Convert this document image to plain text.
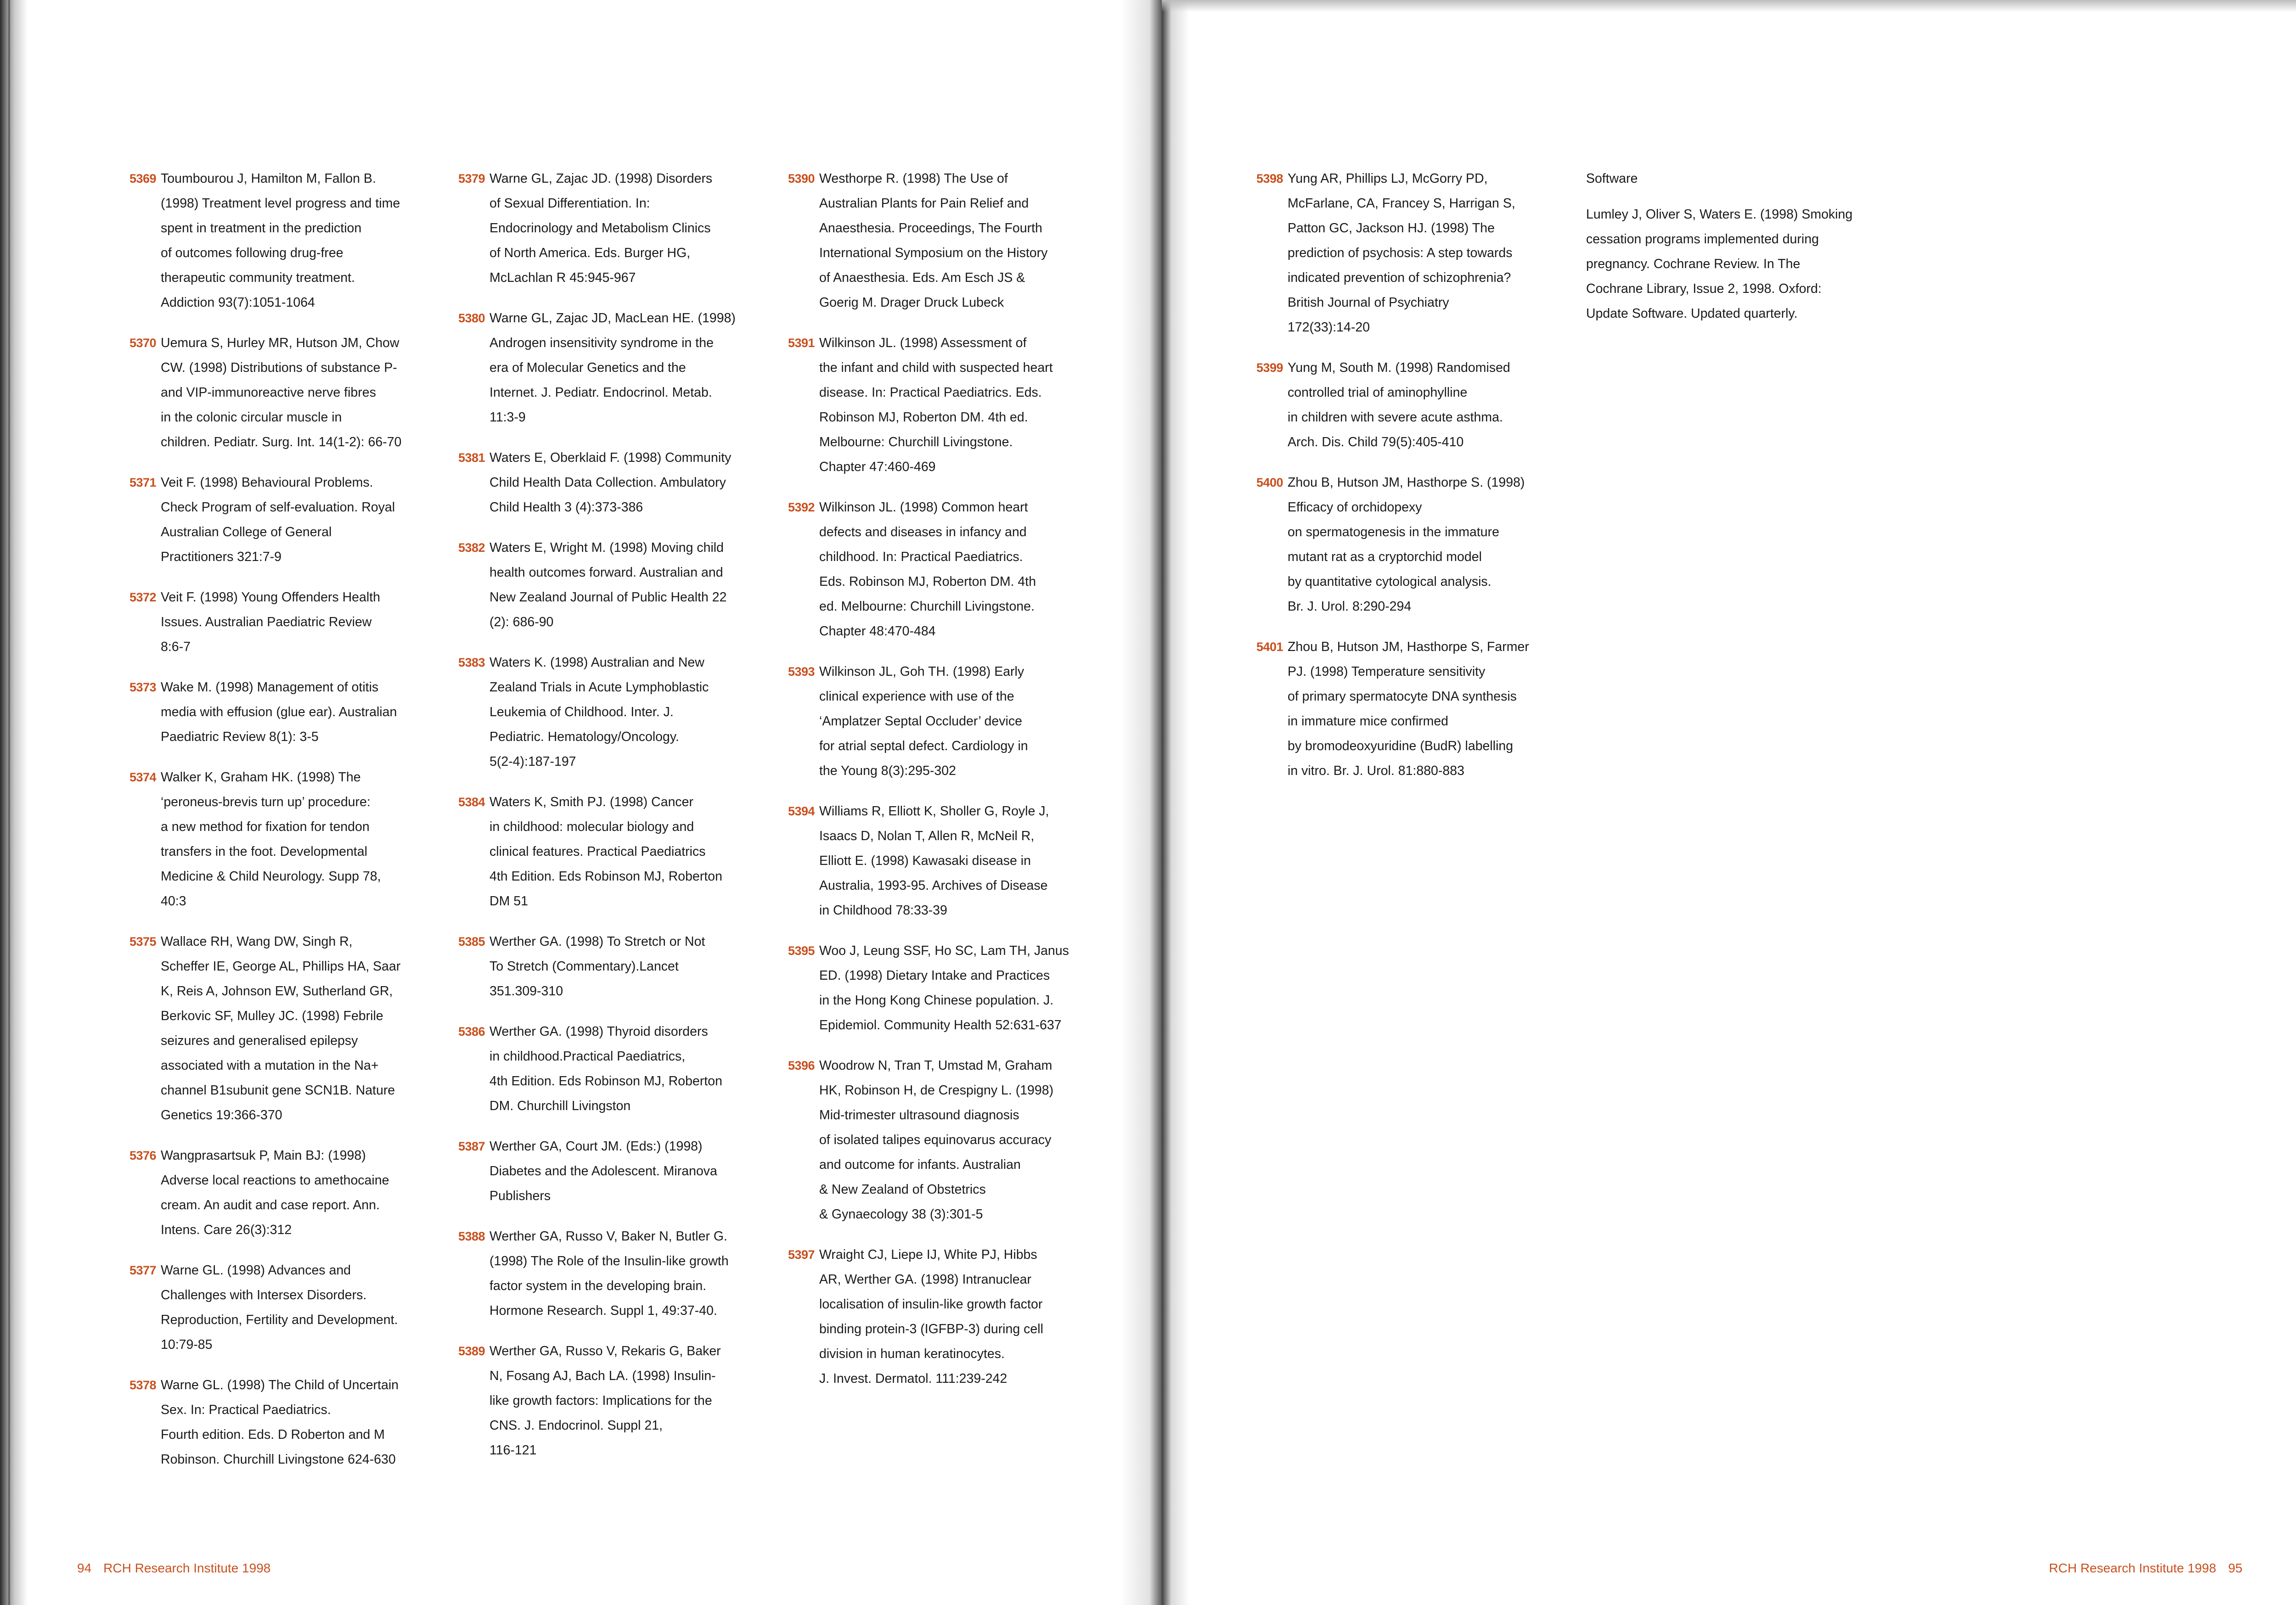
5369 Toumbourou J, Hamilton M, Fallon B.
(1998) Treatment level progress and time
spent in treatment in the prediction
of outcomes following drug-free
therapeutic community treatment.
Addiction 93(7):1051-1064
5370 Uemura S, Hurley MR, Hutson JM, Chow
CW. (1998) Distributions of substance P-
and VIP-immunoreactive nerve fibres
in the colonic circular muscle in
children. Pediatr. Surg. Int. 14(1-2): 66-70
5371 Veit F. (1998) Behavioural Problems.
Check Program of self-evaluation. Royal
Australian College of General
Practitioners 321:7-9
5372 Veit F. (1998) Young Offenders Health
Issues. Australian Paediatric Review
8:6-7
5373 Wake M. (1998) Management of otitis
media with effusion (glue ear). Australian
Paediatric Review 8(1): 3-5
5374 Walker K, Graham HK. (1998) The
‘peroneus-brevis turn up’ procedure:
a new method for fixation for tendon
transfers in the foot. Developmental
Medicine & Child Neurology. Supp 78,
40:3
5375 Wallace RH, Wang DW, Singh R,
Scheffer IE, George AL, Phillips HA, Saar
K, Reis A, Johnson EW, Sutherland GR,
Berkovic SF, Mulley JC. (1998) Febrile
seizures and generalised epilepsy
associated with a mutation in the Na+
channel B1subunit gene SCN1B. Nature
Genetics 19:366-370
5376 Wangprasartsuk P, Main BJ: (1998)
Adverse local reactions to amethocaine
cream. An audit and case report. Ann.
Intens. Care 26(3):312
5377 Warne GL. (1998) Advances and
Challenges with Intersex Disorders.
Reproduction, Fertility and Development.
10:79-85
5378 Warne GL. (1998) The Child of Uncertain
Sex. In: Practical Paediatrics.
Fourth edition. Eds. D Roberton and M
Robinson. Churchill Livingstone 624-630
5379 Warne GL, Zajac JD. (1998) Disorders
of Sexual Differentiation. In:
Endocrinology and Metabolism Clinics
of North America. Eds. Burger HG,
McLachlan R 45:945-967
5380 Warne GL, Zajac JD, MacLean HE. (1998)
Androgen insensitivity syndrome in the
era of Molecular Genetics and the
Internet. J. Pediatr. Endocrinol. Metab.
11:3-9
5381 Waters E, Oberklaid F. (1998) Community
Child Health Data Collection. Ambulatory
Child Health 3 (4):373-386
5382 Waters E, Wright M. (1998) Moving child
health outcomes forward. Australian and
New Zealand Journal of Public Health 22
(2): 686-90
5383 Waters K. (1998) Australian and New
Zealand Trials in Acute Lymphoblastic
Leukemia of Childhood. Inter. J.
Pediatric. Hematology/Oncology.
5(2-4):187-197
5384 Waters K, Smith PJ. (1998) Cancer
in childhood: molecular biology and
clinical features. Practical Paediatrics
4th Edition. Eds Robinson MJ, Roberton
DM 51
5385 Werther GA. (1998) To Stretch or Not
To Stretch (Commentary).Lancet
351.309-310
5386 Werther GA. (1998) Thyroid disorders
in childhood.Practical Paediatrics,
4th Edition. Eds Robinson MJ, Roberton
DM. Churchill Livingston
5387 Werther GA, Court JM. (Eds:) (1998)
Diabetes and the Adolescent. Miranova
Publishers
5388 Werther GA, Russo V, Baker N, Butler G.
(1998) The Role of the Insulin-like growth
factor system in the developing brain.
Hormone Research. Suppl 1, 49:37-40.
5389 Werther GA, Russo V, Rekaris G, Baker
N, Fosang AJ, Bach LA. (1998) Insulin-
like growth factors: Implications for the
CNS. J. Endocrinol. Suppl 21,
116-121
5390 Westhorpe R. (1998) The Use of
Australian Plants for Pain Relief and
Anaesthesia. Proceedings, The Fourth
International Symposium on the History
of Anaesthesia. Eds. Am Esch JS &
Goerig M. Drager Druck Lubeck
5391 Wilkinson JL. (1998) Assessment of
the infant and child with suspected heart
disease. In: Practical Paediatrics. Eds.
Robinson MJ, Roberton DM. 4th ed.
Melbourne: Churchill Livingstone.
Chapter 47:460-469
5392 Wilkinson JL. (1998) Common heart
defects and diseases in infancy and
childhood. In: Practical Paediatrics.
Eds. Robinson MJ, Roberton DM. 4th
ed. Melbourne: Churchill Livingstone.
Chapter 48:470-484
5393 Wilkinson JL, Goh TH. (1998) Early
clinical experience with use of the
‘Amplatzer Septal Occluder’ device
for atrial septal defect. Cardiology in
the Young 8(3):295-302
5394 Williams R, Elliott K, Sholler G, Royle J,
Isaacs D, Nolan T, Allen R, McNeil R,
Elliott E. (1998) Kawasaki disease in
Australia, 1993-95. Archives of Disease
in Childhood 78:33-39
5395 Woo J, Leung SSF, Ho SC, Lam TH, Janus
ED. (1998) Dietary Intake and Practices
in the Hong Kong Chinese population. J.
Epidemiol. Community Health 52:631-637
5396 Woodrow N, Tran T, Umstad M, Graham
HK, Robinson H, de Crespigny L. (1998)
Mid-trimester ultrasound diagnosis
of isolated talipes equinovarus accuracy
and outcome for infants. Australian
& New Zealand of Obstetrics
& Gynaecology 38 (3):301-5
5397 Wraight CJ, Liepe IJ, White PJ, Hibbs
AR, Werther GA. (1998) Intranuclear
localisation of insulin-like growth factor
binding protein-3 (IGFBP-3) during cell
division in human keratinocytes.
J. Invest. Dermatol. 111:239-242
94 RCH Research Institute 1998
5398 Yung AR, Phillips LJ, McGorry PD,
McFarlane, CA, Francey S, Harrigan S,
Patton GC, Jackson HJ. (1998) The
prediction of psychosis: A step towards
indicated prevention of schizophrenia?
British Journal of Psychiatry
172(33):14-20
5399 Yung M, South M. (1998) Randomised
controlled trial of aminophylline
in children with severe acute asthma.
Arch. Dis. Child 79(5):405-410
5400 Zhou B, Hutson JM, Hasthorpe S. (1998)
Efficacy of orchidopexy
on spermatogenesis in the immature
mutant rat as a cryptorchid model
by quantitative cytological analysis.
Br. J. Urol. 8:290-294
5401 Zhou B, Hutson JM, Hasthorpe S, Farmer
PJ. (1998) Temperature sensitivity
of primary spermatocyte DNA synthesis
in immature mice confirmed
by bromodeoxyuridine (BudR) labelling
in vitro. Br. J. Urol. 81:880-883
Software
Lumley J, Oliver S, Waters E. (1998) Smoking
cessation programs implemented during
pregnancy. Cochrane Review. In The
Cochrane Library, Issue 2, 1998. Oxford:
Update Software. Updated quarterly.
RCH Research Institute 1998 95
